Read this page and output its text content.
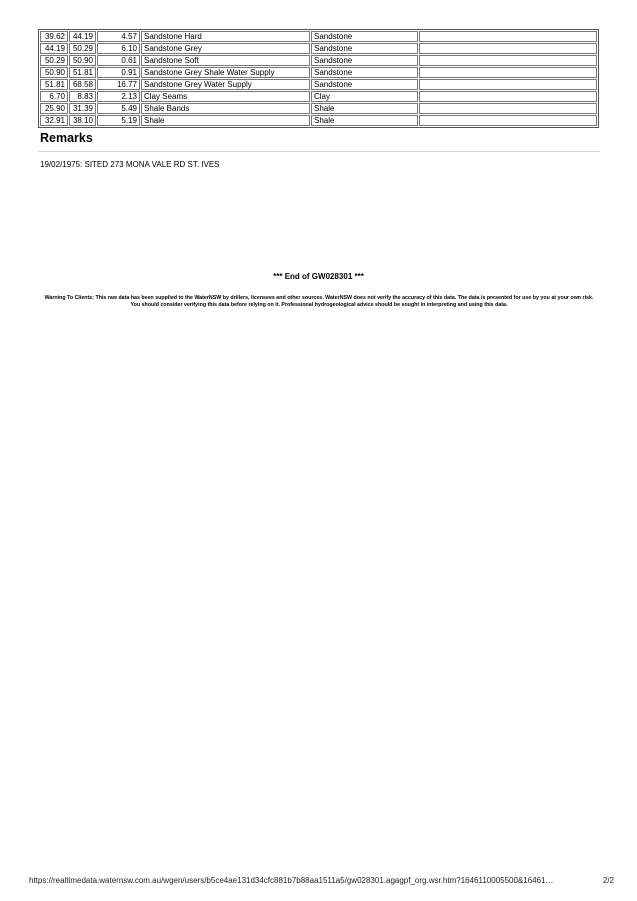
39.62	44.19	4.57	Sandstone Hard	Sandstone	
44.19	50.29	6.10	Sandstone Grey	Sandstone	
50.29	50.90	0.61	Sandstone Soft	Sandstone	
50.90	51.81	0.91	Sandstone Grey Shale Water Supply	Sandstone	
51.81	68.58	16.77	Sandstone Grey Water Supply	Sandstone	
6.70	8.83	2.13	Clay Seams	Clay	
25.90	31.39	5.49	Shale Bands	Shale	
32.91	38.10	5.19	Shale	Shale	
Remarks
19/02/1975: SITED 273 MONA VALE RD ST. IVES
*** End of GW028301 ***
Warning To Clients: This raw data has been supplied to the WaterNSW by drillers, licensees and other sources. WaterNSW does not verify the accuracy of this data. The data is presented for use by you at your own risk. You should consider verifying this data before relying on it. Professional hydrogeological advice should be sought in interpreting and using this data.
https://realtimedata.waternsw.com.au/wgen/users/b5ce4ae131d34cfc881b7b88aa1511a5/gw028301.agagpf_org.wsr.htm?1646110005500&16461…	2/2
